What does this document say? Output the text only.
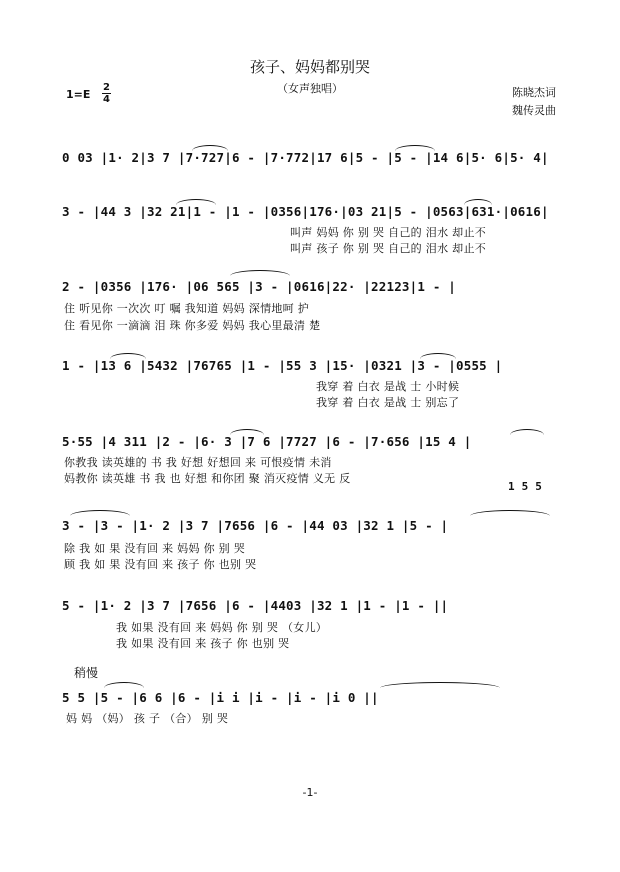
孩子、妈妈都别哭
（女声独唱）
1=E
2
4
陈晓杰词
魏传灵曲
0 03 |1· 2|3 7 |7·727|6 - |7·772|17 6|5 - |5 - |14 6|5· 6|5· 4|
3 - |44 3 |32 21|1 - |1 - |0356|176·|03 21|5 - |0563|631·|0616|
叫声 妈妈 你 别 哭 自己的 泪水 却止不
叫声 孩子 你 别 哭 自己的 泪水 却止不
2 - |0356 |176· |06 565 |3 - |0616|22· |22123|1 - |
住 听见你 一次次 叮 嘱 我知道 妈妈 深情地呵 护
住 看见你 一滴滴 泪 珠 你多爱 妈妈 我心里最清 楚
1 - |13 6 |5432 |76765 |1 - |55 3 |15· |0321 |3 - |0555 |
我穿 着 白衣 是战 士 小时候
我穿 着 白衣 是战 士 别忘了
5·55 |4 311 |2 - |6· 3 |7 6 |7727 |6 - |7·656 |15 4 |
你教我 读英雄的 书 我 好想 好想回 来 可恨疫情 未消
妈教你 读英雄 书 我 也 好想 和你团 聚 消灭疫情 义无 反
1 5 5
3 - |3 - |1· 2 |3 7 |7656 |6 - |44 03 |32 1 |5 - |
除 我 如 果 没有回 来 妈妈 你 别 哭
顾 我 如 果 没有回 来 孩子 你 也别 哭
5 - |1· 2 |3 7 |7656 |6 - |4403 |32 1 |1 - |1 - ||
我 如果 没有回 来 妈妈 你 别 哭 （女儿）
我 如果 没有回 来 孩子 你 也别 哭
稍慢
5 5 |5 - |6 6 |6 - |i i |i - |i - |i 0 ||
妈 妈 （妈） 孩 子 （合） 别 哭
-1-
